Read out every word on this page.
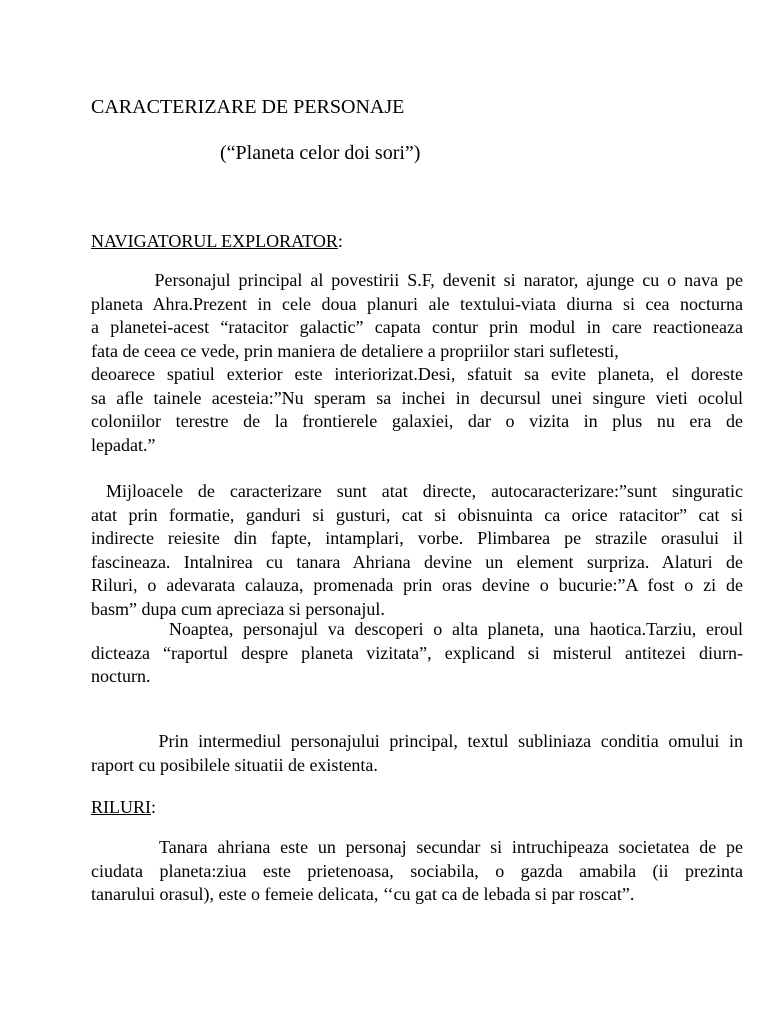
CARACTERIZARE DE PERSONAJE
(“Planeta celor doi sori”)
NAVIGATORUL EXPLORATOR:
Personajul principal al povestirii S.F, devenit si narator, ajunge cu o nava pe
planeta Ahra.Prezent in cele doua planuri ale textului-viata diurna si cea nocturna
a planetei-acest “ratacitor galactic” capata contur prin modul in care reactioneaza
fata de ceea ce vede, prin maniera de detaliere a propriilor stari sufletesti,
deoarece spatiul exterior este interiorizat.Desi, sfatuit sa evite planeta, el doreste
sa afle tainele acesteia:”Nu speram sa inchei in decursul unei singure vieti ocolul
coloniilor terestre de la frontierele galaxiei, dar o vizita in plus nu era de
lepadat.”
Mijloacele de caracterizare sunt atat directe, autocaracterizare:”sunt singuratic
atat prin formatie, ganduri si gusturi, cat si obisnuinta ca orice ratacitor” cat si
indirecte reiesite din fapte, intamplari, vorbe. Plimbarea pe strazile orasului il
fascineaza. Intalnirea cu tanara Ahriana devine un element surpriza. Alaturi de
Riluri, o adevarata calauza, promenada prin oras devine o bucurie:”A fost o zi de
basm” dupa cum apreciaza si personajul.
Noaptea, personajul va descoperi o alta planeta, una haotica.Tarziu, eroul
dicteaza “raportul despre planeta vizitata”, explicand si misterul antitezei diurn-
nocturn.
Prin intermediul personajului principal, textul subliniaza conditia omului in
raport cu posibilele situatii de existenta.
RILURI:
Tanara ahriana este un personaj secundar si intruchipeaza societatea de pe
ciudata planeta:ziua este prietenoasa, sociabila, o gazda amabila (ii prezinta
tanarului orasul), este o femeie delicata, ‘‘cu gat ca de lebada si par roscat”.
